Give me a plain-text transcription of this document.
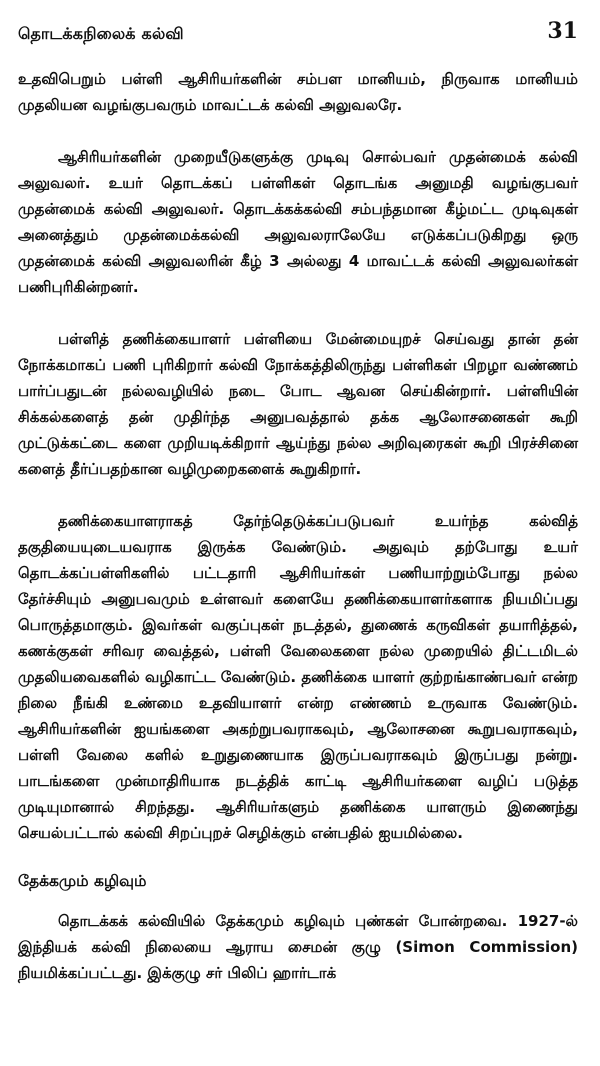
தொடக்கநிலைக் கல்வி	31

உதவிபெறும் பள்ளி ஆசிரியர்களின் சம்பள மானியம், நிருவாக மானியம் முதலியன வழங்குபவரும் மாவட்டக் கல்வி அலுவலரே.

ஆசிரியர்களின் முறையீடுகளுக்கு முடிவு சொல்பவர் முதன்மைக் கல்வி அலுவலர். உயர் தொடக்கப் பள்ளிகள் தொடங்க அனுமதி வழங்குபவர் முதன்மைக் கல்வி அலுவலர். தொடக்கக்கல்வி சம்பந்தமான கீழ்மட்ட முடிவுகள் அனைத்தும் முதன்மைக்கல்வி அலுவலராலேயே எடுக்கப்படுகிறது ஒரு முதன்மைக் கல்வி அலுவலரின் கீழ் 3 அல்லது 4 மாவட்டக் கல்வி அலுவலர்கள் பணிபுரிகின்றனர்.

பள்ளித் தணிக்கையாளர் பள்ளியை மேன்மையுறச் செய்வது தான் தன் நோக்கமாகப் பணி புரிகிறார் கல்வி நோக்கத்திலிருந்து பள்ளிகள் பிறழா வண்ணம் பார்ப்பதுடன் நல்லவழியில் நடை போட ஆவன செய்கின்றார். பள்ளியின் சிக்கல்களைத் தன் முதிர்ந்த அனுபவத்தால் தக்க ஆலோசனைகள் கூறி முட்டுக்கட்டை களை முறியடிக்கிறார் ஆய்ந்து நல்ல அறிவுரைகள் கூறி பிரச்சினை களைத் தீர்ப்பதற்கான வழிமுறைகளைக் கூறுகிறார்.

தணிக்கையாளராகத் தேர்ந்தெடுக்கப்படுபவர் உயர்ந்த கல்வித் தகுதியையுடையவராக இருக்க வேண்டும். அதுவும் தற்போது உயர் தொடக்கப்பள்ளிகளில் பட்டதாரி ஆசிரியர்கள் பணியாற்றும்போது நல்ல தேர்ச்சியும் அனுபவமும் உள்ளவர் களையே தணிக்கையாளர்களாக நியமிப்பது பொருத்தமாகும். இவர்கள் வகுப்புகள் நடத்தல், துணைக் கருவிகள் தயாரித்தல், கணக்குகள் சரிவர வைத்தல், பள்ளி வேலைகளை நல்ல முறையில் திட்டமிடல் முதலியவைகளில் வழிகாட்ட வேண்டும். தணிக்கை யாளர் குற்றங்காண்பவர் என்ற நிலை நீங்கி உண்மை உதவியாளர் என்ற எண்ணம் உருவாக வேண்டும். ஆசிரியர்களின் ஐயங்களை அகற்றுபவராகவும், ஆலோசனை கூறுபவராகவும், பள்ளி வேலை களில் உறுதுணையாக இருப்பவராகவும் இருப்பது நன்று. பாடங்களை முன்மாதிரியாக நடத்திக் காட்டி ஆசிரியர்களை வழிப் படுத்த முடியுமானால் சிறந்தது. ஆசிரியர்களும் தணிக்கை யாளரும் இணைந்து செயல்பட்டால் கல்வி சிறப்புறச் செழிக்கும் என்பதில் ஐயமில்லை.

தேக்கமும் கழிவும்

தொடக்கக் கல்வியில் தேக்கமும் கழிவும் புண்கள் போன்றவை. 1927-ல் இந்தியக் கல்வி நிலையை ஆராய சைமன் குழு (Simon Commission) நியமிக்கப்பட்டது. இக்குழு சர் பிலிப் ஹார்டாக்
